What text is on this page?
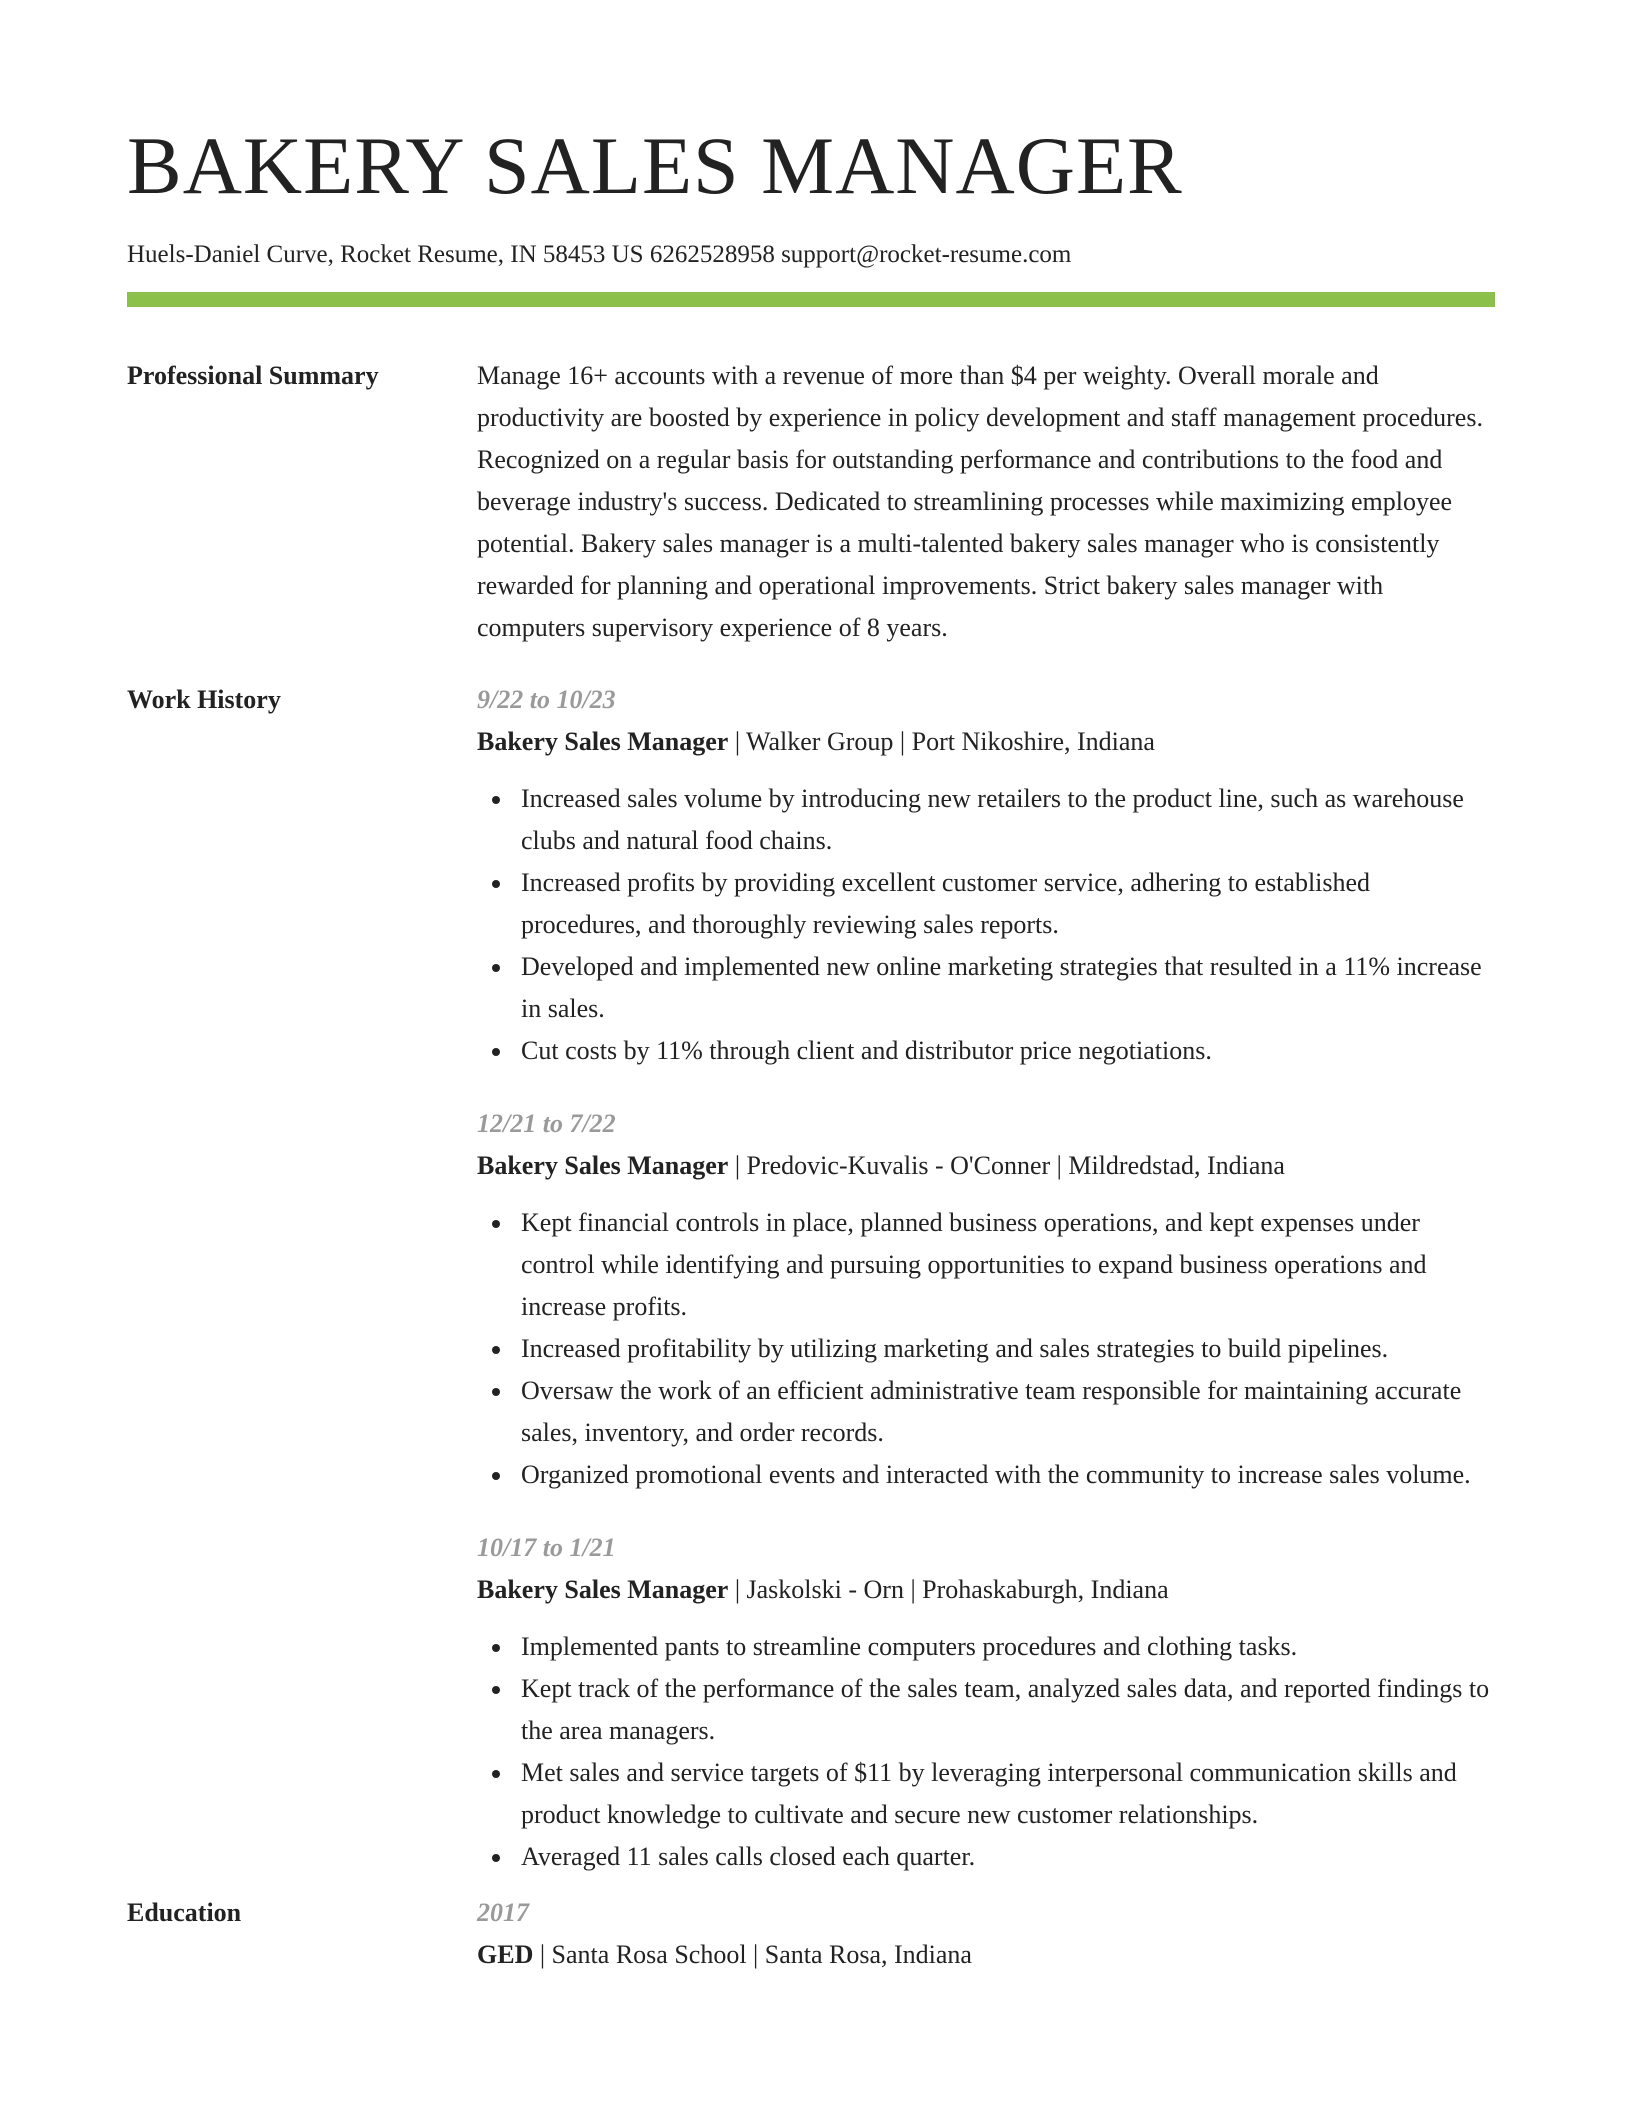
BAKERY SALES MANAGER
Huels-Daniel Curve, Rocket Resume, IN 58453 US 6262528958 support@rocket-resume.com
Professional Summary	Manage 16+ accounts with a revenue of more than $4 per weighty. Overall morale and productivity are boosted by experience in policy development and staff management procedures. Recognized on a regular basis for outstanding performance and contributions to the food and beverage industry's success. Dedicated to streamlining processes while maximizing employee potential. Bakery sales manager is a multi-talented bakery sales manager who is consistently rewarded for planning and operational improvements. Strict bakery sales manager with computers supervisory experience of 8 years.

Work History	9/22 to 10/23
Bakery Sales Manager | Walker Group | Port Nikoshire, Indiana
Increased sales volume by introducing new retailers to the product line, such as warehouse clubs and natural food chains.
Increased profits by providing excellent customer service, adhering to established procedures, and thoroughly reviewing sales reports.
Developed and implemented new online marketing strategies that resulted in a 11% increase in sales.
Cut costs by 11% through client and distributor price negotiations.
12/21 to 7/22
Bakery Sales Manager | Predovic-Kuvalis - O'Conner | Mildredstad, Indiana
Kept financial controls in place, planned business operations, and kept expenses under control while identifying and pursuing opportunities to expand business operations and increase profits.
Increased profitability by utilizing marketing and sales strategies to build pipelines.
Oversaw the work of an efficient administrative team responsible for maintaining accurate sales, inventory, and order records.
Organized promotional events and interacted with the community to increase sales volume.
10/17 to 1/21
Bakery Sales Manager | Jaskolski - Orn | Prohaskaburgh, Indiana
Implemented pants to streamline computers procedures and clothing tasks.
Kept track of the performance of the sales team, analyzed sales data, and reported findings to the area managers.
Met sales and service targets of $11 by leveraging interpersonal communication skills and product knowledge to cultivate and secure new customer relationships.
Averaged 11 sales calls closed each quarter.
Education	2017
GED | Santa Rosa School | Santa Rosa, Indiana
